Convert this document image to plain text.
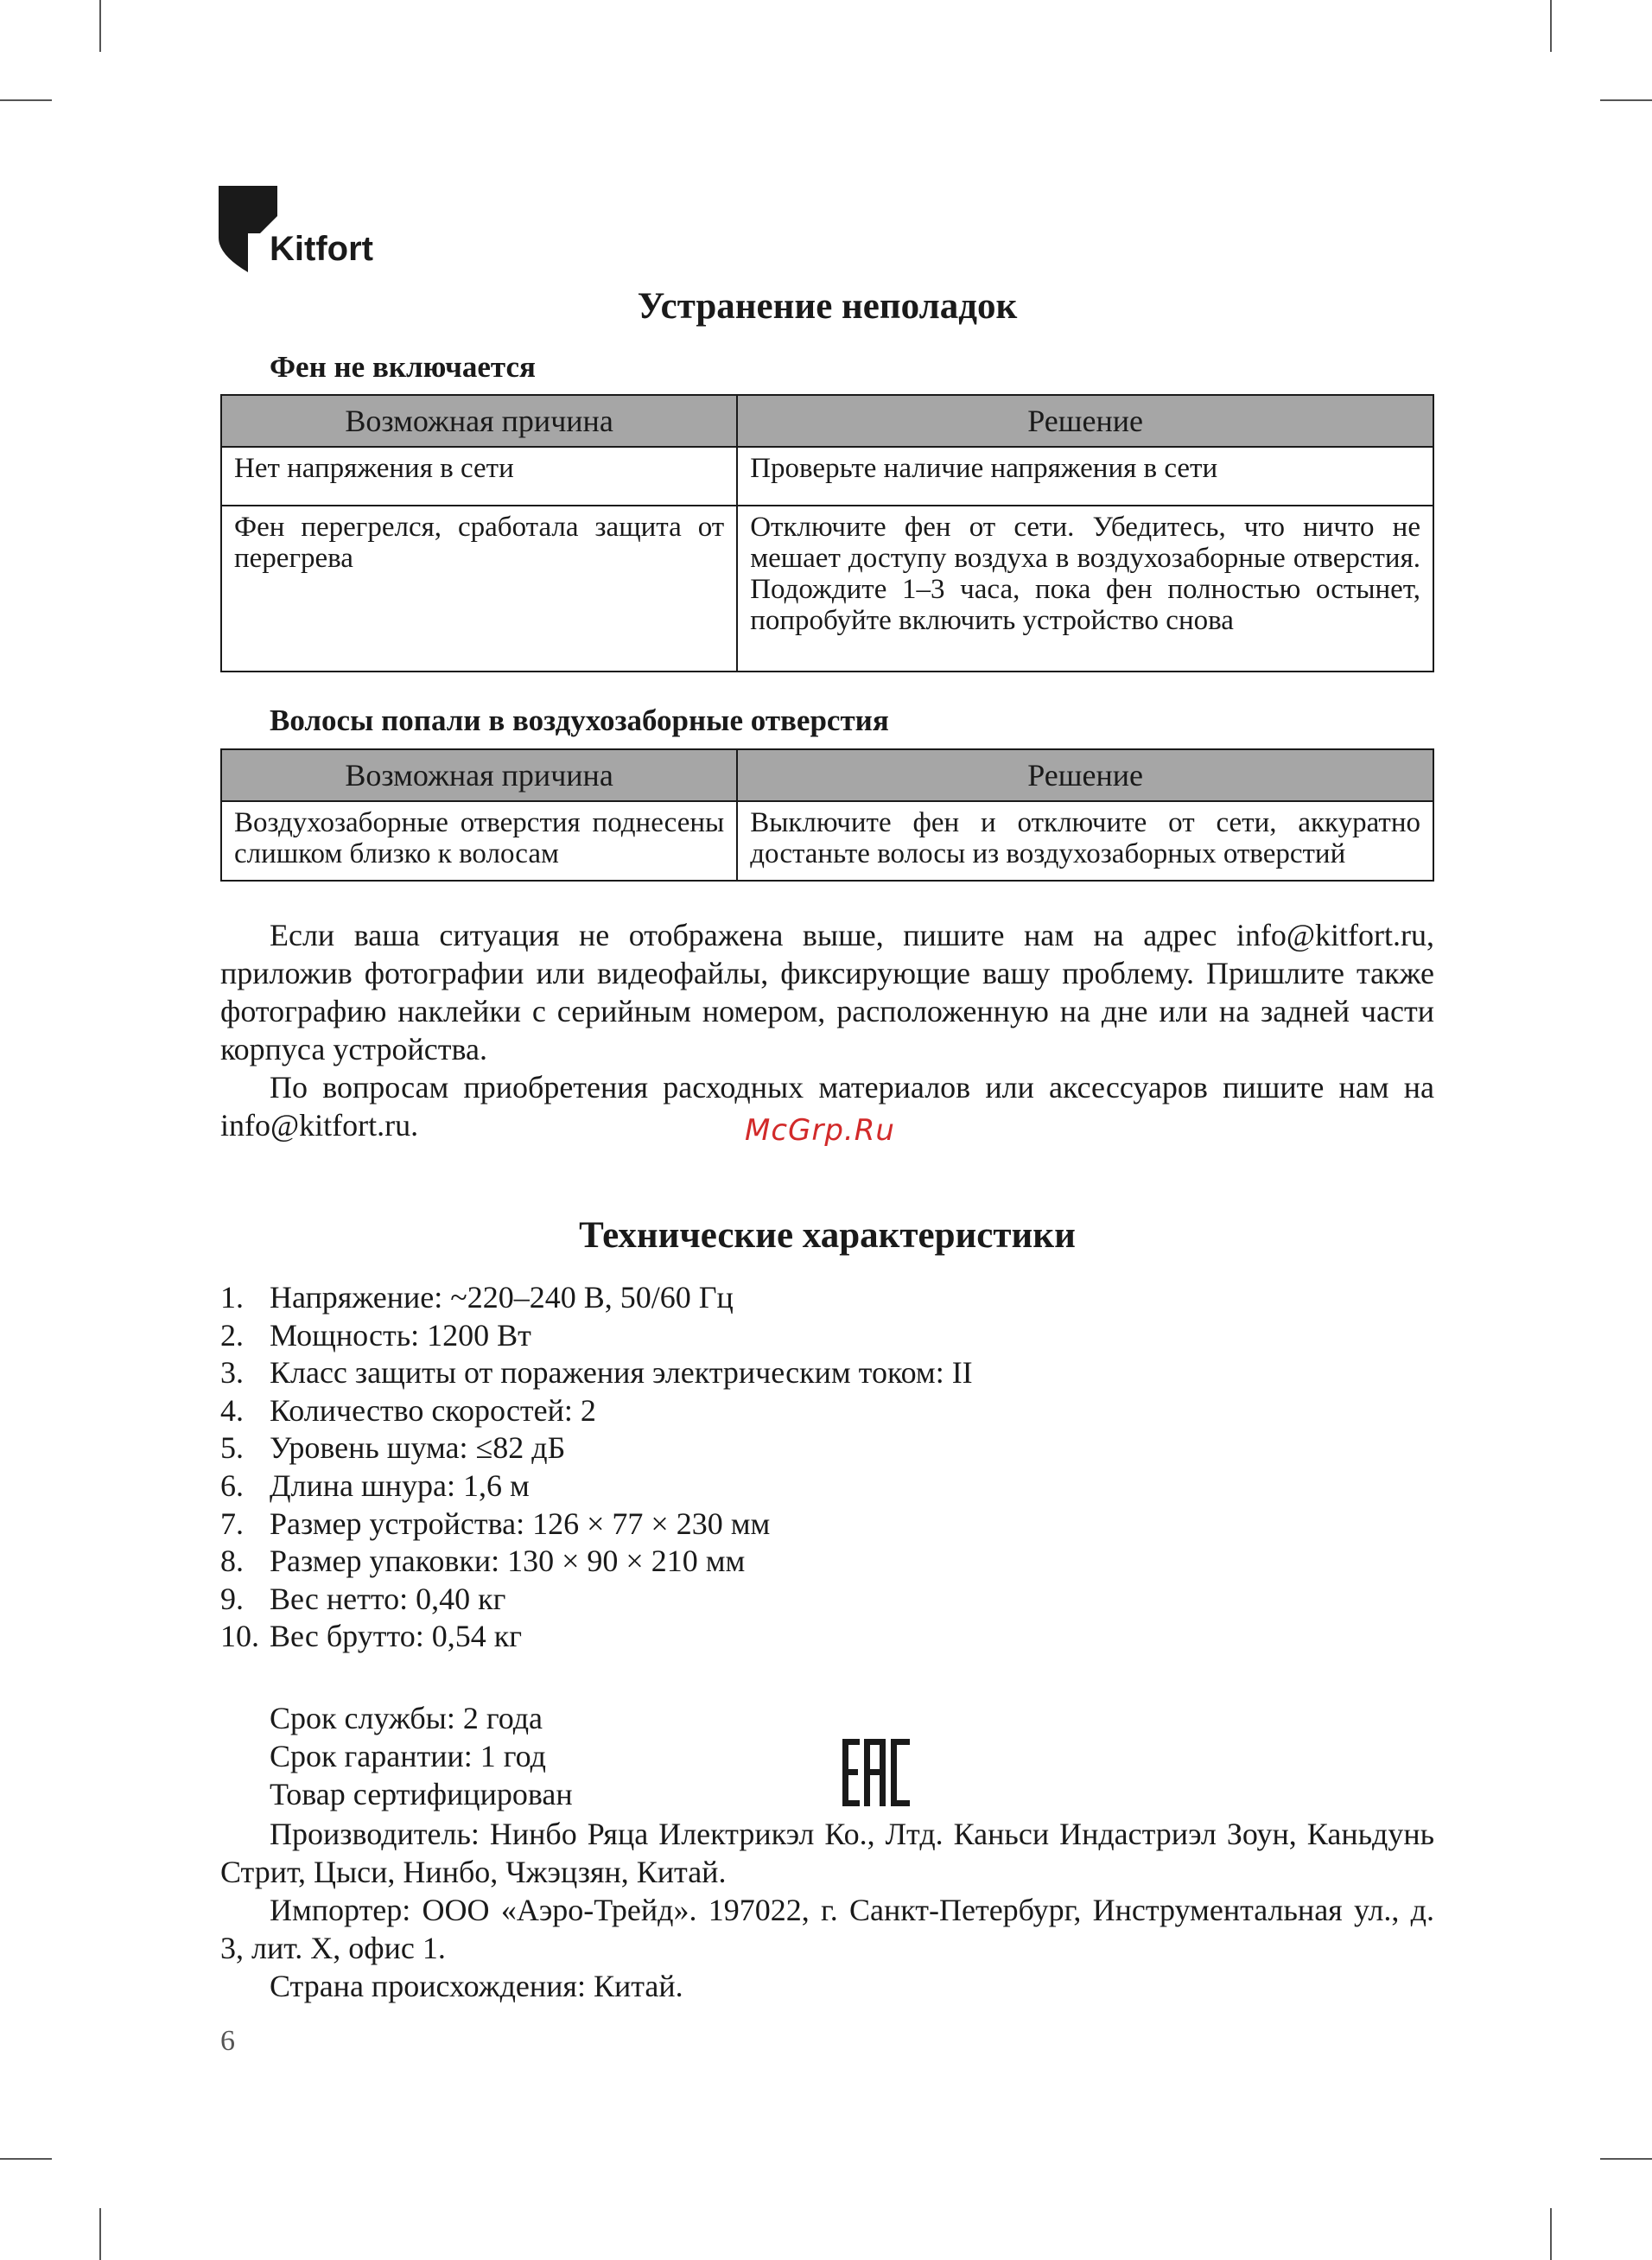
Kitfort
Устранение неполадок
Фен не включается
Возможная причина	Решение
Нет напряжения в сети	Проверьте наличие напряжения в сети
Фен перегрелся, сработала защита от перегрева	Отключите фен от сети. Убедитесь, что ничто не мешает доступу воздуха в воздухозаборные отверстия. Подождите 1–3 часа, пока фен полностью остынет, попробуйте включить устройство снова
Волосы попали в воздухозаборные отверстия
Возможная причина	Решение
Воздухозаборные отверстия поднесены слишком близко к волосам	Выключите фен и отключите от сети, аккуратно достаньте волосы из воздухозаборных отверстий

Если ваша ситуация не отображена выше, пишите нам на адрес info@kitfort.ru, приложив фотографии или видеофайлы, фиксирующие вашу проблему. Пришлите также фотографию наклейки с серийным номером, расположенную на дне или на задней части корпуса устройства.

По вопросам приобретения расходных материалов или аксессуаров пишите нам на info@kitfort.ru.

Технические характеристики
1. Напряжение: ~220–240 В, 50/60 Гц
2. Мощность: 1200 Вт
3. Класс защиты от поражения электрическим током: II
4. Количество скоростей: 2
5. Уровень шума: ≤82 дБ
6. Длина шнура: 1,6 м
7. Размер устройства: 126 × 77 × 230 мм
8. Размер упаковки: 130 × 90 × 210 мм
9. Вес нетто: 0,40 кг
10. Вес брутто: 0,54 кг
Срок службы: 2 года
Срок гарантии: 1 год
Товар сертифицирован

Производитель: Нинбо Ряца Илектрикэл Ко., Лтд. Каньси Индастриэл Зоун, Каньдунь Стрит, Цыси, Нинбо, Чжэцзян, Китай.

Импортер: ООО «Аэро-Трейд». 197022, г. Санкт-Петербург, Инструментальная ул., д. 3, лит. Х, офис 1.

Страна происхождения: Китай.

McGrp.Ru
6
